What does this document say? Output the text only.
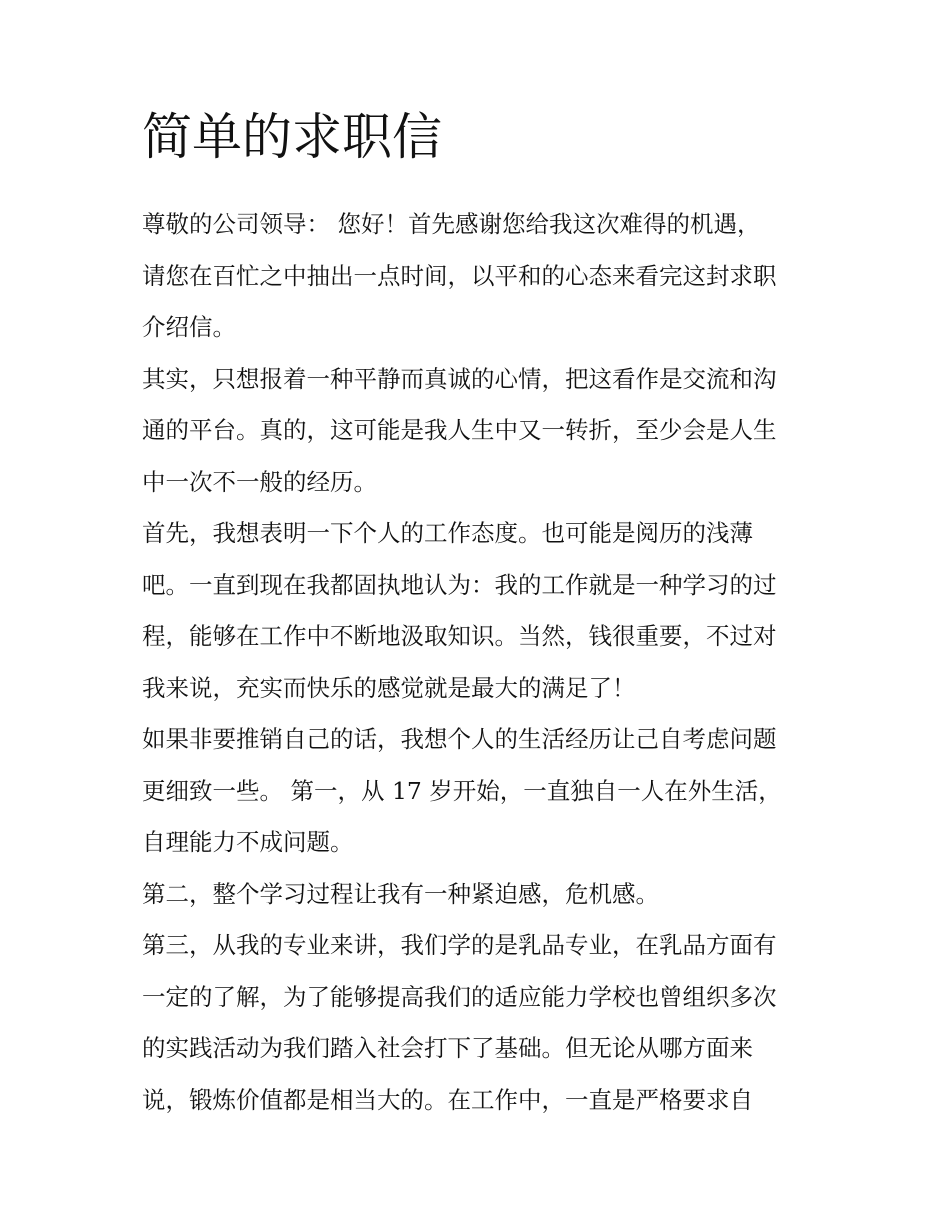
简单的求职信

尊敬的公司领导： 您好！首先感谢您给我这次难得的机遇，

请您在百忙之中抽出一点时间，以平和的心态来看完这封求职

介绍信。

其实，只想报着一种平静而真诚的心情，把这看作是交流和沟

通的平台。真的，这可能是我人生中又一转折，至少会是人生

中一次不一般的经历。

首先，我想表明一下个人的工作态度。也可能是阅历的浅薄

吧。一直到现在我都固执地认为：我的工作就是一种学习的过

程，能够在工作中不断地汲取知识。当然，钱很重要，不过对

我来说，充实而快乐的感觉就是最大的满足了！

如果非要推销自己的话，我想个人的生活经历让己自考虑问题

更细致一些。 第一，从 17 岁开始，一直独自一人在外生活，

自理能力不成问题。

第二，整个学习过程让我有一种紧迫感，危机感。

第三，从我的专业来讲，我们学的是乳品专业，在乳品方面有

一定的了解，为了能够提高我们的适应能力学校也曾组织多次

的实践活动为我们踏入社会打下了基础。但无论从哪方面来

说，锻炼价值都是相当大的。在工作中，一直是严格要求自
